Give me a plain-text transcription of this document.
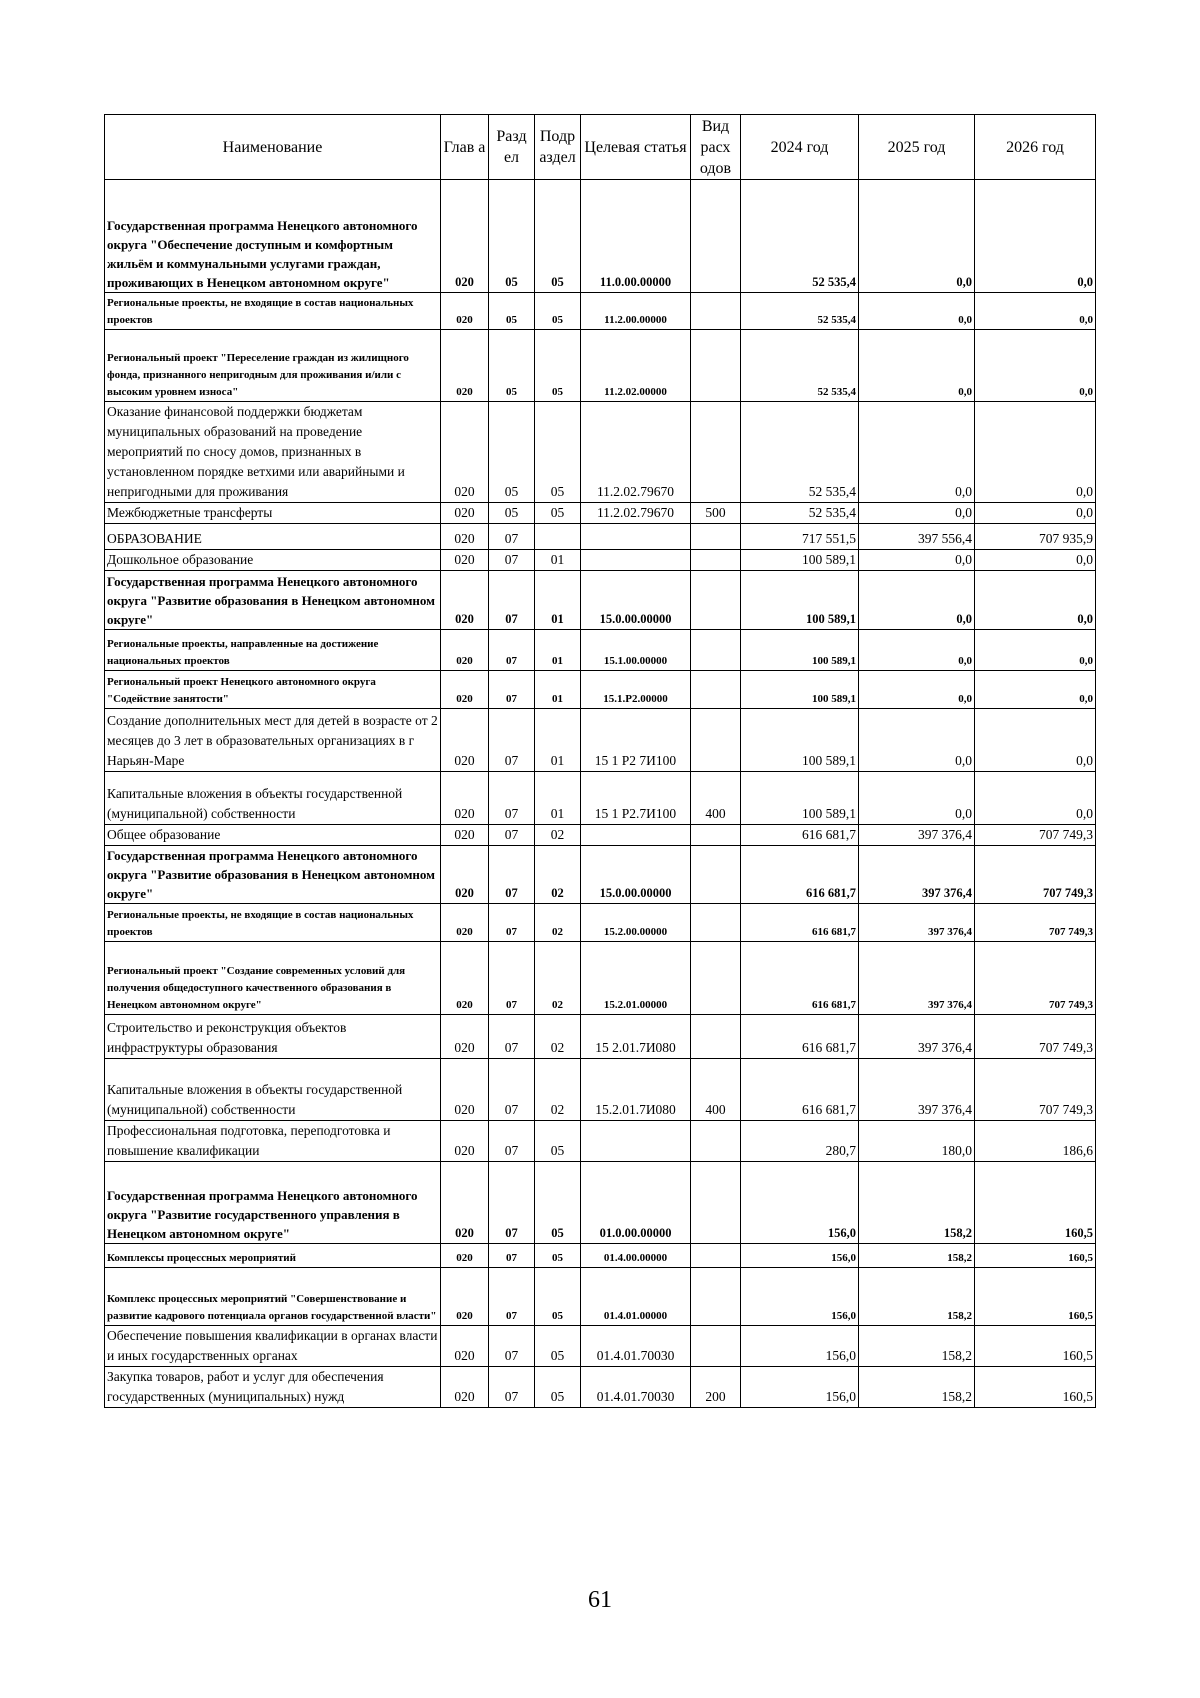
Наименование	Глав а	Разд ел	Подр аздел	Целевая статья	Вид расх одов	2024 год	2025 год	2026 год
Государственная программа Ненецкого автономного округа "Обеспечение доступным и комфортным жильём и коммунальными услугами граждан, проживающих в Ненецком автономном округе"	020	05	05	11.0.00.00000		52 535,4	0,0	0,0
Региональные проекты, не входящие в состав национальных проектов	020	05	05	11.2.00.00000		52 535,4	0,0	0,0
Региональный проект "Переселение граждан из жилищного фонда, признанного непригодным для проживания и/или с высоким уровнем износа"	020	05	05	11.2.02.00000		52 535,4	0,0	0,0
Оказание финансовой поддержки бюджетам муниципальных образований на проведение мероприятий по сносу домов, признанных в установленном порядке ветхими или аварийными и непригодными для проживания	020	05	05	11.2.02.79670		52 535,4	0,0	0,0
Межбюджетные трансферты	020	05	05	11.2.02.79670	500	52 535,4	0,0	0,0
ОБРАЗОВАНИЕ	020	07				717 551,5	397 556,4	707 935,9
Дошкольное образование	020	07	01			100 589,1	0,0	0,0
Государственная программа Ненецкого автономного округа "Развитие образования в Ненецком автономном округе"	020	07	01	15.0.00.00000		100 589,1	0,0	0,0
Региональные проекты, направленные на достижение национальных проектов	020	07	01	15.1.00.00000		100 589,1	0,0	0,0
Региональный проект Ненецкого автономного округа "Содействие занятости"	020	07	01	15.1.P2.00000		100 589,1	0,0	0,0
Создание дополнительных мест для детей в возрасте от 2 месяцев до 3 лет в образовательных организациях в г Нарьян-Маре	020	07	01	15 1 P2 7И100		100 589,1	0,0	0,0
Капитальные вложения в объекты государственной (муниципальной) собственности	020	07	01	15 1 P2.7И100	400	100 589,1	0,0	0,0
Общее образование	020	07	02			616 681,7	397 376,4	707 749,3
Государственная программа Ненецкого автономного округа "Развитие образования в Ненецком автономном округе"	020	07	02	15.0.00.00000		616 681,7	397 376,4	707 749,3
Региональные проекты, не входящие в состав национальных проектов	020	07	02	15.2.00.00000		616 681,7	397 376,4	707 749,3
Региональный проект "Создание современных условий для получения общедоступного качественного образования в Ненецком автономном округе"	020	07	02	15.2.01.00000		616 681,7	397 376,4	707 749,3
Строительство и реконструкция объектов инфраструктуры образования	020	07	02	15 2.01.7И080		616 681,7	397 376,4	707 749,3
Капитальные вложения в объекты государственной (муниципальной) собственности	020	07	02	15.2.01.7И080	400	616 681,7	397 376,4	707 749,3
Профессиональная подготовка, переподготовка и повышение квалификации	020	07	05			280,7	180,0	186,6
Государственная программа Ненецкого автономного округа "Развитие государственного управления в Ненецком автономном округе"	020	07	05	01.0.00.00000		156,0	158,2	160,5
Комплексы процессных мероприятий	020	07	05	01.4.00.00000		156,0	158,2	160,5
Комплекс процессных мероприятий "Совершенствование и развитие кадрового потенциала органов государственной власти"	020	07	05	01.4.01.00000		156,0	158,2	160,5
Обеспечение повышения квалификации в органах власти и иных государственных органах	020	07	05	01.4.01.70030		156,0	158,2	160,5
Закупка товаров, работ и услуг для обеспечения государственных (муниципальных) нужд	020	07	05	01.4.01.70030	200	156,0	158,2	160,5
61
